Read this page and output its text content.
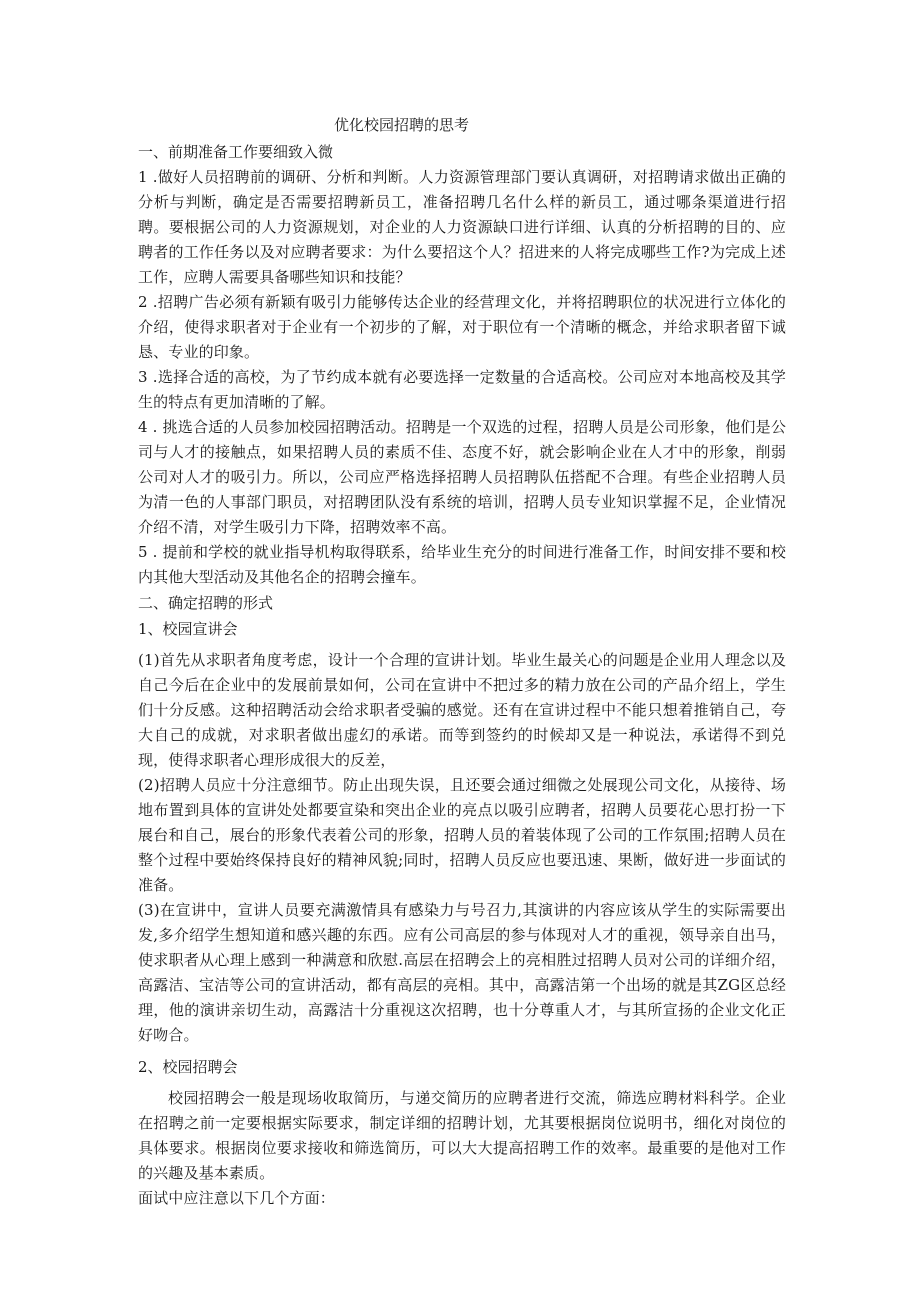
优化校园招聘的思考

一、前期准备工作要细致入微

1 .做好人员招聘前的调研、分析和判断。人力资源管理部门要认真调研，对招聘请求做出正确的分析与判断，确定是否需要招聘新员工，准备招聘几名什么样的新员工，通过哪条渠道进行招聘。要根据公司的人力资源规划，对企业的人力资源缺口进行详细、认真的分析招聘的目的、应聘者的工作任务以及对应聘者要求：为什么要招这个人？招进来的人将完成哪些工作?为完成上述工作，应聘人需要具备哪些知识和技能？

2 .招聘广告必须有新颖有吸引力能够传达企业的经营理文化，并将招聘职位的状况进行立体化的介绍，使得求职者对于企业有一个初步的了解，对于职位有一个清晰的概念，并给求职者留下诚恳、专业的印象。

3 .选择合适的高校，为了节约成本就有必要选择一定数量的合适高校。公司应对本地高校及其学生的特点有更加清晰的了解。

4 . 挑选合适的人员参加校园招聘活动。招聘是一个双选的过程，招聘人员是公司形象，他们是公司与人才的接触点，如果招聘人员的素质不佳、态度不好，就会影响企业在人才中的形象，削弱公司对人才的吸引力。所以，公司应严格选择招聘人员招聘队伍搭配不合理。有些企业招聘人员为清一色的人事部门职员，对招聘团队没有系统的培训，招聘人员专业知识掌握不足，企业情况介绍不清，对学生吸引力下降，招聘效率不高。

5 . 提前和学校的就业指导机构取得联系，给毕业生充分的时间进行准备工作，时间安排不要和校内其他大型活动及其他名企的招聘会撞车。

二、确定招聘的形式

1、校园宣讲会

(1)首先从求职者角度考虑，设计一个合理的宣讲计划。毕业生最关心的问题是企业用人理念以及自己今后在企业中的发展前景如何，公司在宣讲中不把过多的精力放在公司的产品介绍上，学生们十分反感。这种招聘活动会给求职者受骗的感觉。还有在宣讲过程中不能只想着推销自己，夸大自己的成就，对求职者做出虚幻的承诺。而等到签约的时候却又是一种说法，承诺得不到兑现，使得求职者心理形成很大的反差，

(2)招聘人员应十分注意细节。防止出现失误，且还要会通过细微之处展现公司文化，从接待、场地布置到具体的宣讲处处都要宣染和突出企业的亮点以吸引应聘者，招聘人员要花心思打扮一下展台和自己，展台的形象代表着公司的形象，招聘人员的着装体现了公司的工作氛围;招聘人员在整个过程中要始终保持良好的精神风貌;同时，招聘人员反应也要迅速、果断，做好进一步面试的准备。

(3)在宣讲中，宣讲人员要充满激情具有感染力与号召力,其演讲的内容应该从学生的实际需要出发,多介绍学生想知道和感兴趣的东西。应有公司高层的参与体现对人才的重视，领导亲自出马，使求职者从心理上感到一种满意和欣慰.高层在招聘会上的亮相胜过招聘人员对公司的详细介绍，高露洁、宝洁等公司的宣讲活动，都有高层的亮相。其中，高露洁第一个出场的就是其ZG区总经理，他的演讲亲切生动，高露洁十分重视这次招聘，也十分尊重人才，与其所宣扬的企业文化正好吻合。

2、校园招聘会

校园招聘会一般是现场收取简历，与递交简历的应聘者进行交流，筛选应聘材料科学。企业在招聘之前一定要根据实际要求，制定详细的招聘计划，尤其要根据岗位说明书，细化对岗位的具体要求。根据岗位要求接收和筛选简历，可以大大提高招聘工作的效率。最重要的是他对工作的兴趣及基本素质。

面试中应注意以下几个方面：
